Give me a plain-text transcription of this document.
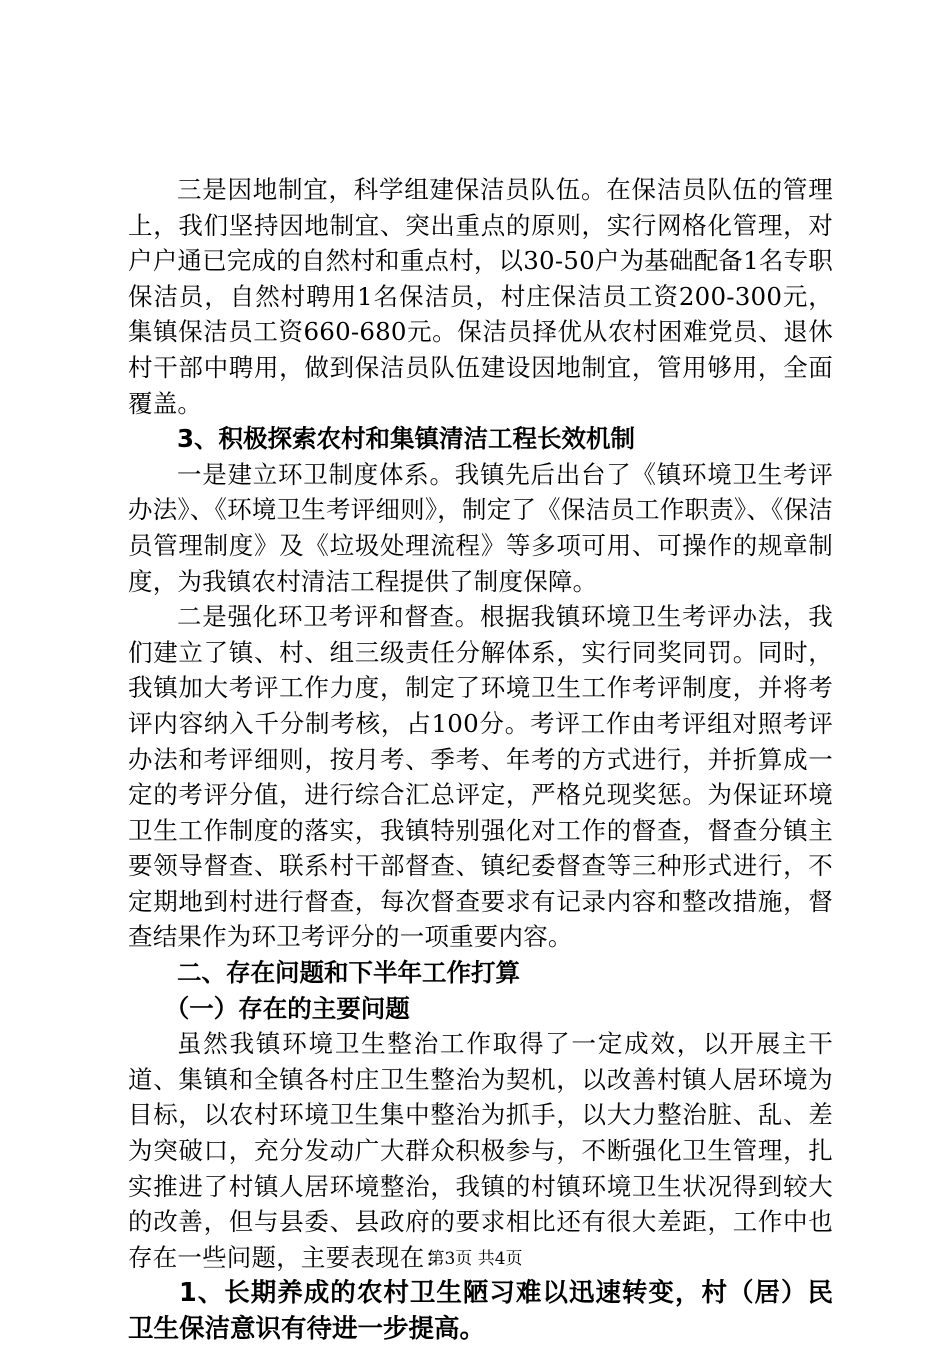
三是因地制宜，科学组建保洁员队伍。在保洁员队伍的管理上，我们坚持因地制宜、突出重点的原则，实行网格化管理，对户户通已完成的自然村和重点村，以30-50户为基础配备1名专职保洁员，自然村聘用1名保洁员，村庄保洁员工资200-300元，集镇保洁员工资660-680元。保洁员择优从农村困难党员、退休村干部中聘用，做到保洁员队伍建设因地制宜，管用够用，全面覆盖。

3、积极探索农村和集镇清洁工程长效机制

一是建立环卫制度体系。我镇先后出台了《镇环境卫生考评办法》、《环境卫生考评细则》，制定了《保洁员工作职责》、《保洁员管理制度》及《垃圾处理流程》等多项可用、可操作的规章制度，为我镇农村清洁工程提供了制度保障。

二是强化环卫考评和督查。根据我镇环境卫生考评办法，我们建立了镇、村、组三级责任分解体系，实行同奖同罚。同时，我镇加大考评工作力度，制定了环境卫生工作考评制度，并将考评内容纳入千分制考核，占100分。考评工作由考评组对照考评办法和考评细则，按月考、季考、年考的方式进行，并折算成一定的考评分值，进行综合汇总评定，严格兑现奖惩。为保证环境卫生工作制度的落实，我镇特别强化对工作的督查，督查分镇主要领导督查、联系村干部督查、镇纪委督查等三种形式进行，不定期地到村进行督查，每次督查要求有记录内容和整改措施，督查结果作为环卫考评分的一项重要内容。

二、存在问题和下半年工作打算

（一）存在的主要问题

虽然我镇环境卫生整治工作取得了一定成效，以开展主干道、集镇和全镇各村庄卫生整治为契机，以改善村镇人居环境为目标，以农村环境卫生集中整治为抓手，以大力整治脏、乱、差为突破口，充分发动广大群众积极参与，不断强化卫生管理，扎实推进了村镇人居环境整治，我镇的村镇环境卫生状况得到较大的改善，但与县委、县政府的要求相比还有很大差距，工作中也存在一些问题，主要表现在：

1、长期养成的农村卫生陋习难以迅速转变，村（居）民卫生保洁意识有待进一步提高。

第3页 共4页
